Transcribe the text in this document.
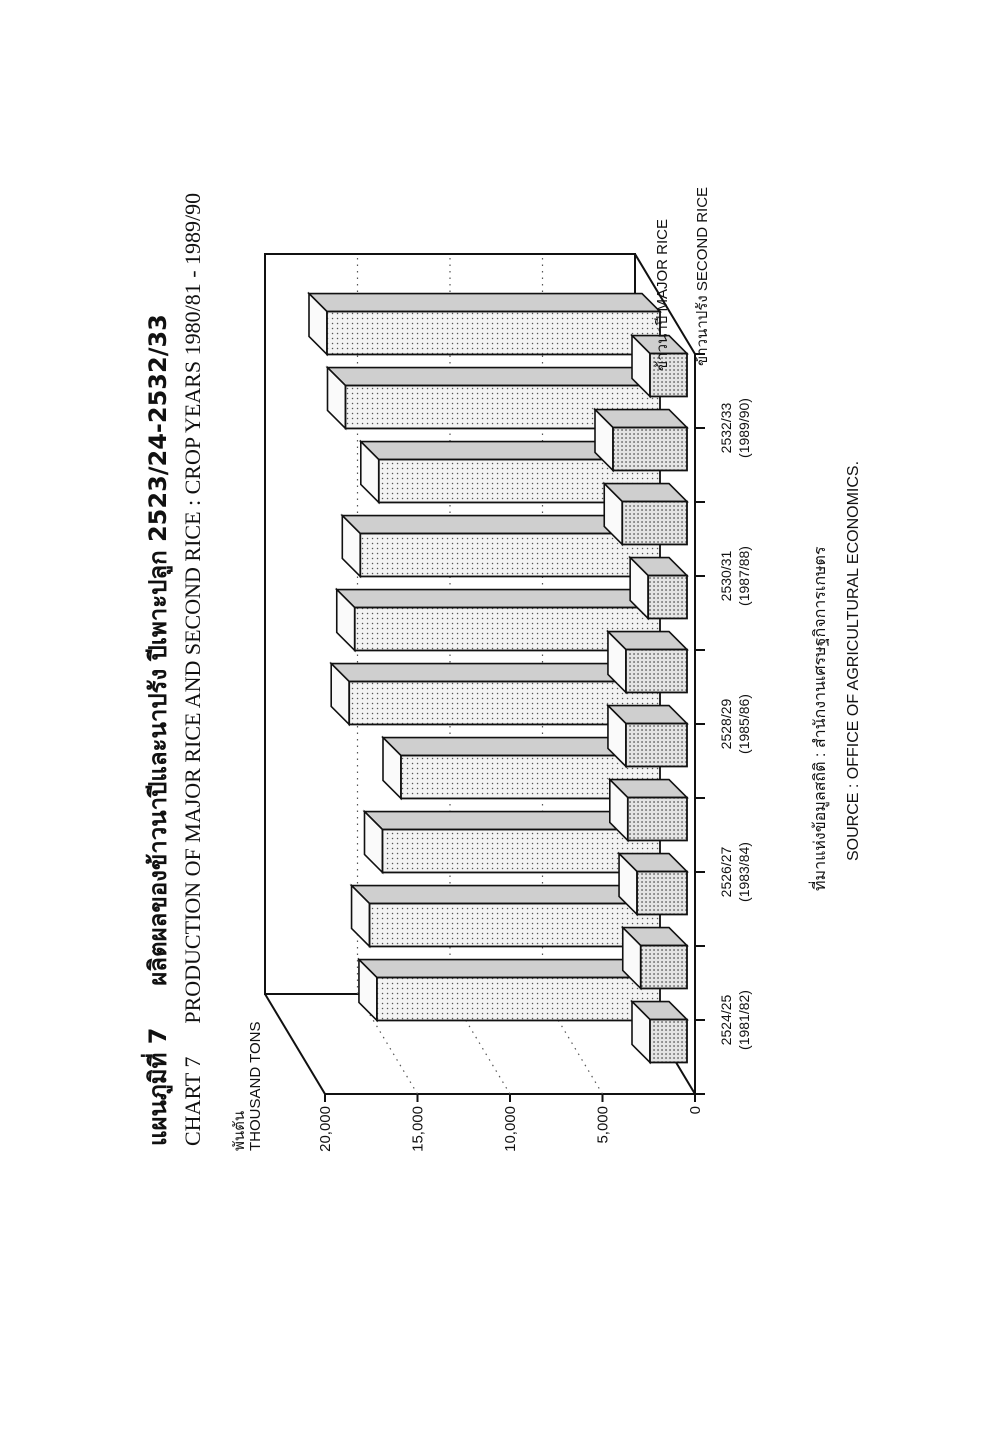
แผนภูมิที่ 7     ผลิตผลของข้าวนาปีและนาปรัง ปีเพาะปลูก 2523/24-2532/33
CHART 7      PRODUCTION OF MAJOR RICE AND SECOND RICE : CROP YEARS 1980/81 - 1989/90
พันตัน THOUSAND TONS	0
5,000
10,000
15,000
20,000
2524/25 (1981/82)
2526/27 (1983/84)
2528/29 (1985/86)
2530/31 (1987/88)
2532/33 (1989/90)
ข้าวนาปี MAJOR RICE ข้าวนาปรัง SECOND RICE
ที่มาแห่งข้อมูลสถิติ : สำนักงานเศรษฐกิจการเกษตร SOURCE : OFFICE OF AGRICULTURAL ECONOMICS.
